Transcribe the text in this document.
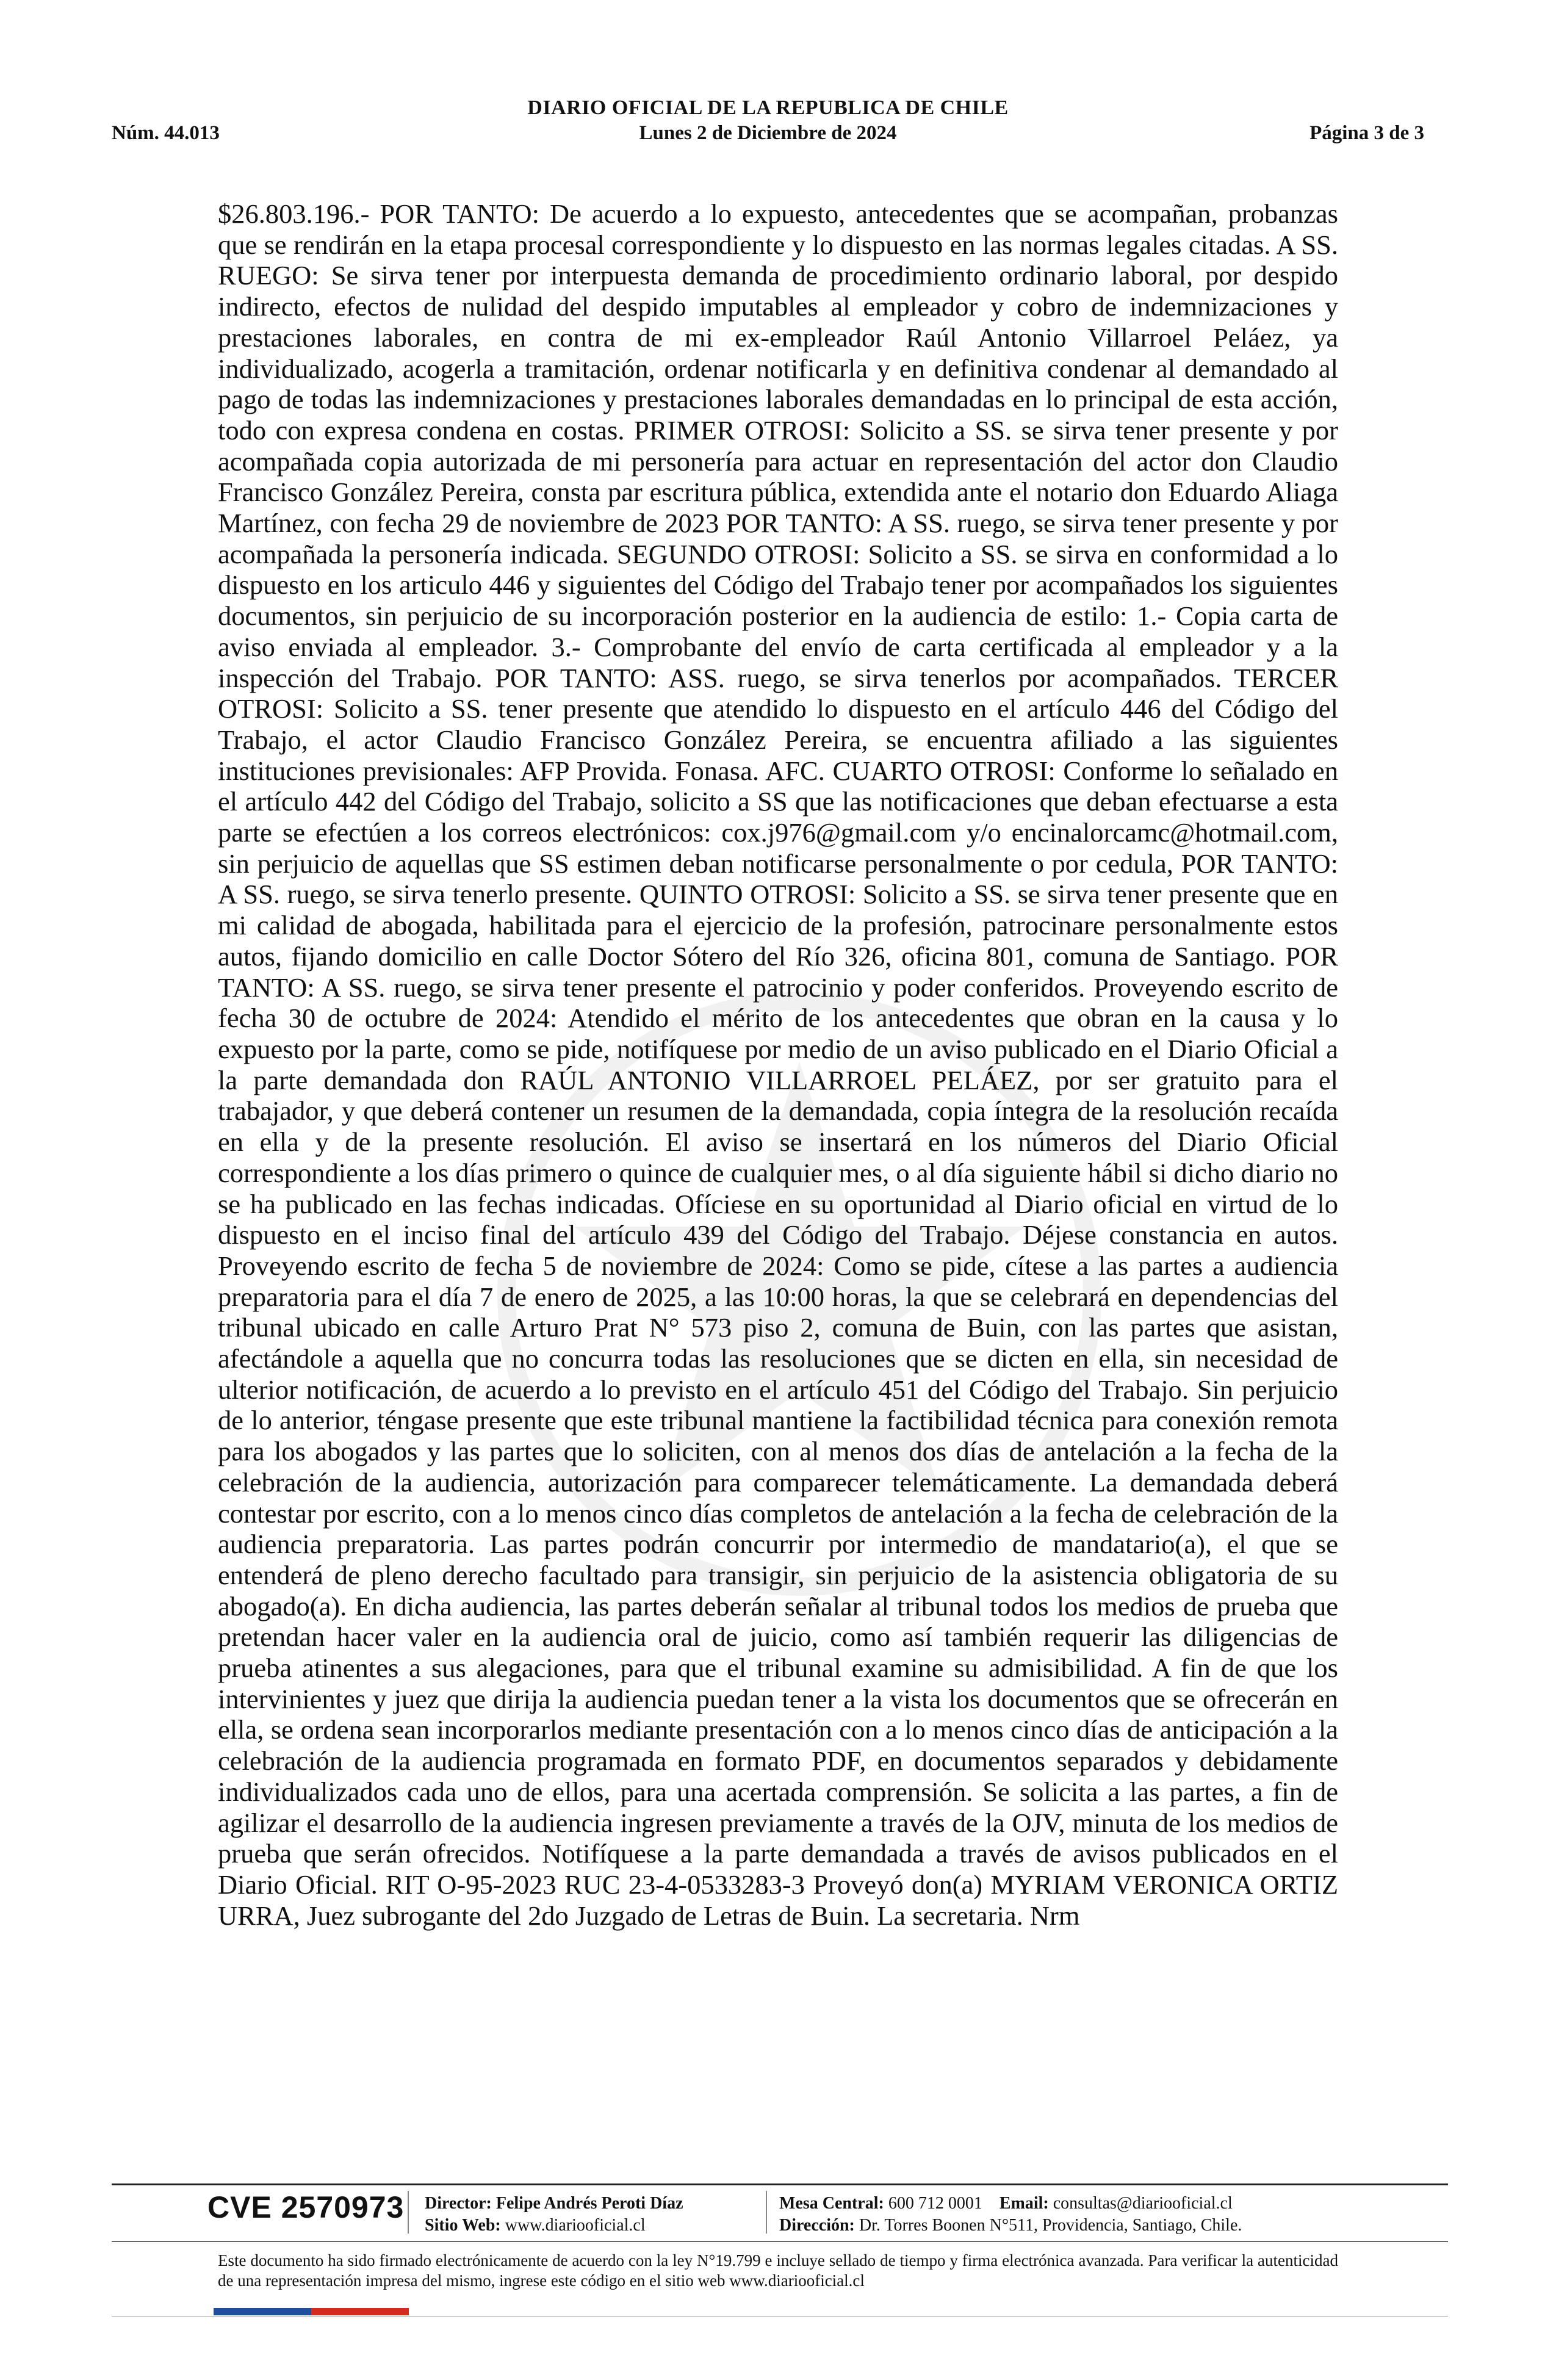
DIARIO OFICIAL DE LA REPUBLICA DE CHILE
Núm. 44.013	Lunes 2 de Diciembre de 2024	Página 3 de 3
$26.803.196.- POR TANTO: De acuerdo a lo expuesto, antecedentes que se acompañan, probanzas que se rendirán en la etapa procesal correspondiente y lo dispuesto en las normas legales citadas. A SS. RUEGO: Se sirva tener por interpuesta demanda de procedimiento ordinario laboral, por despido indirecto, efectos de nulidad del despido imputables al empleador y cobro de indemnizaciones y prestaciones laborales, en contra de mi ex-empleador Raúl Antonio Villarroel Peláez, ya individualizado, acogerla a tramitación, ordenar notificarla y en definitiva condenar al demandado al pago de todas las indemnizaciones y prestaciones laborales demandadas en lo principal de esta acción, todo con expresa condena en costas. PRIMER OTROSI: Solicito a SS. se sirva tener presente y por acompañada copia autorizada de mi personería para actuar en representación del actor don Claudio Francisco González Pereira, consta par escritura pública, extendida ante el notario don Eduardo Aliaga Martínez, con fecha 29 de noviembre de 2023 POR TANTO: A SS. ruego, se sirva tener presente y por acompañada la personería indicada. SEGUNDO OTROSI: Solicito a SS. se sirva en conformidad a lo dispuesto en los articulo 446 y siguientes del Código del Trabajo tener por acompañados los siguientes documentos, sin perjuicio de su incorporación posterior en la audiencia de estilo: 1.- Copia carta de aviso enviada al empleador. 3.- Comprobante del envío de carta certificada al empleador y a la inspección del Trabajo. POR TANTO: ASS. ruego, se sirva tenerlos por acompañados. TERCER OTROSI: Solicito a SS. tener presente que atendido lo dispuesto en el artículo 446 del Código del Trabajo, el actor Claudio Francisco González Pereira, se encuentra afiliado a las siguientes instituciones previsionales: AFP Provida. Fonasa. AFC. CUARTO OTROSI: Conforme lo señalado en el artículo 442 del Código del Trabajo, solicito a SS que las notificaciones que deban efectuarse a esta parte se efectúen a los correos electrónicos: cox.j976@gmail.com y/o encinalorcamc@hotmail.com, sin perjuicio de aquellas que SS estimen deban notificarse personalmente o por cedula, POR TANTO: A SS. ruego, se sirva tenerlo presente. QUINTO OTROSI: Solicito a SS. se sirva tener presente que en mi calidad de abogada, habilitada para el ejercicio de la profesión, patrocinare personalmente estos autos, fijando domicilio en calle Doctor Sótero del Río 326, oficina 801, comuna de Santiago. POR TANTO: A SS. ruego, se sirva tener presente el patrocinio y poder conferidos. Proveyendo escrito de fecha 30 de octubre de 2024: Atendido el mérito de los antecedentes que obran en la causa y lo expuesto por la parte, como se pide, notifíquese por medio de un aviso publicado en el Diario Oficial a la parte demandada don RAÚL ANTONIO VILLARROEL PELÁEZ, por ser gratuito para el trabajador, y que deberá contener un resumen de la demandada, copia íntegra de la resolución recaída en ella y de la presente resolución. El aviso se insertará en los números del Diario Oficial correspondiente a los días primero o quince de cualquier mes, o al día siguiente hábil si dicho diario no se ha publicado en las fechas indicadas. Ofíciese en su oportunidad al Diario oficial en virtud de lo dispuesto en el inciso final del artículo 439 del Código del Trabajo. Déjese constancia en autos. Proveyendo escrito de fecha 5 de noviembre de 2024: Como se pide, cítese a las partes a audiencia preparatoria para el día 7 de enero de 2025, a las 10:00 horas, la que se celebrará en dependencias del tribunal ubicado en calle Arturo Prat N° 573 piso 2, comuna de Buin, con las partes que asistan, afectándole a aquella que no concurra todas las resoluciones que se dicten en ella, sin necesidad de ulterior notificación, de acuerdo a lo previsto en el artículo 451 del Código del Trabajo. Sin perjuicio de lo anterior, téngase presente que este tribunal mantiene la factibilidad técnica para conexión remota para los abogados y las partes que lo soliciten, con al menos dos días de antelación a la fecha de la celebración de la audiencia, autorización para comparecer telemáticamente. La demandada deberá contestar por escrito, con a lo menos cinco días completos de antelación a la fecha de celebración de la audiencia preparatoria. Las partes podrán concurrir por intermedio de mandatario(a), el que se entenderá de pleno derecho facultado para transigir, sin perjuicio de la asistencia obligatoria de su abogado(a). En dicha audiencia, las partes deberán señalar al tribunal todos los medios de prueba que pretendan hacer valer en la audiencia oral de juicio, como así también requerir las diligencias de prueba atinentes a sus alegaciones, para que el tribunal examine su admisibilidad. A fin de que los intervinientes y juez que dirija la audiencia puedan tener a la vista los documentos que se ofrecerán en ella, se ordena sean incorporarlos mediante presentación con a lo menos cinco días de anticipación a la celebración de la audiencia programada en formato PDF, en documentos separados y debidamente individualizados cada uno de ellos, para una acertada comprensión. Se solicita a las partes, a fin de agilizar el desarrollo de la audiencia ingresen previamente a través de la OJV, minuta de los medios de prueba que serán ofrecidos. Notifíquese a la parte demandada a través de avisos publicados en el Diario Oficial. RIT O-95-2023 RUC 23-4-0533283-3 Proveyó don(a) MYRIAM VERONICA ORTIZ URRA, Juez subrogante del 2do Juzgado de Letras de Buin. La secretaria. Nrm
CVE 2570973 Director: Felipe Andrés Peroti Díaz
Sitio Web: www.diariooficial.cl
Mesa Central: 600 712 0001 Email: consultas@diariooficial.cl
Dirección: Dr. Torres Boonen N°511, Providencia, Santiago, Chile.
Este documento ha sido firmado electrónicamente de acuerdo con la ley N°19.799 e incluye sellado de tiempo y firma electrónica avanzada. Para verificar la autenticidad de una representación impresa del mismo, ingrese este código en el sitio web www.diariooficial.cl
